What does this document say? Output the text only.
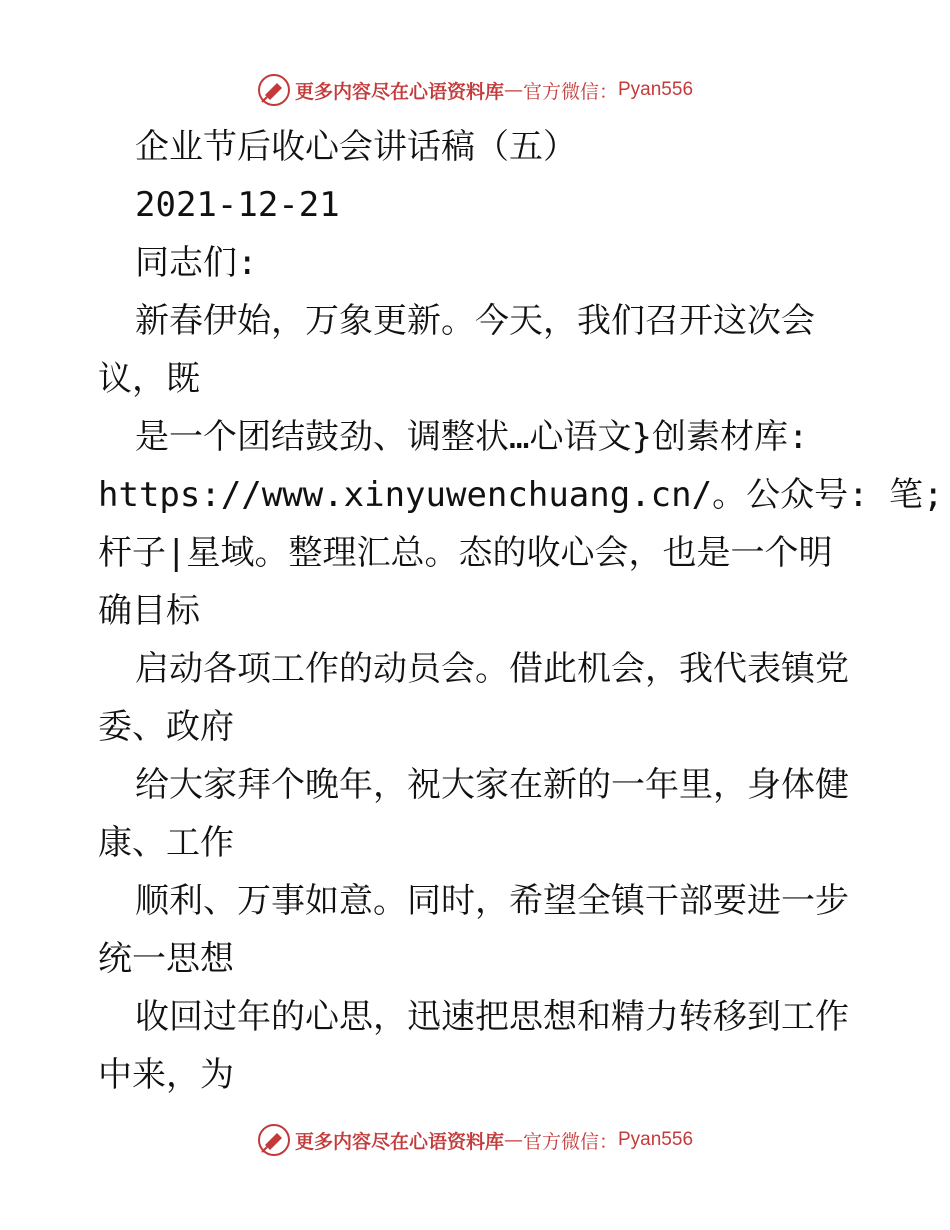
更多内容尽在心语资料库 — 官方微信： Pyan556
企业节后收心会讲话稿（五）
2021-12-21
同志们:
新春伊始，万象更新。今天，我们召开这次会
议，既
是一个团结鼓劲、调整状…心语文}创素材库:
https://www.xinyuwenchuang.cn/。公众号: 笔;
杆子|星域。整理汇总。态的收心会，也是一个明
确目标
启动各项工作的动员会。借此机会，我代表镇党
委、政府
给大家拜个晚年，祝大家在新的一年里，身体健
康、工作
顺利、万事如意。同时，希望全镇干部要进一步
统一思想
收回过年的心思，迅速把思想和精力转移到工作
中来，为
更多内容尽在心语资料库 — 官方微信： Pyan556
